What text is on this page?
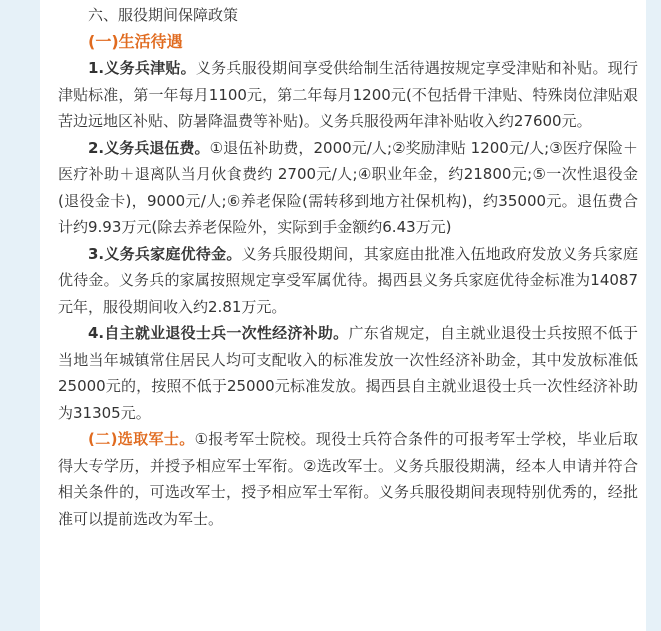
六、服役期间保障政策

(一)生活待遇

1.义务兵津贴。义务兵服役期间享受供给制生活待遇按规定享受津贴和补贴。现行津贴标准，第一年每月1100元，第二年每月1200元(不包括骨干津贴、特殊岗位津贴艰苦边远地区补贴、防暑降温费等补贴)。义务兵服役两年津补贴收入约27600元。

2.义务兵退伍费。①退伍补助费，2000元/人;②奖励津贴 1200元/人;③医疗保险＋医疗补助＋退离队当月伙食费约 2700元/人;④职业年金，约21800元;⑤一次性退役金(退役金卡)，9000元/人;⑥养老保险(需转移到地方社保机构)，约35000元。退伍费合计约9.93万元(除去养老保险外，实际到手金额约6.43万元)

3.义务兵家庭优待金。义务兵服役期间，其家庭由批准入伍地政府发放义务兵家庭优待金。义务兵的家属按照规定享受军属优待。揭西县义务兵家庭优待金标准为14087元年，服役期间收入约2.81万元。

4.自主就业退役士兵一次性经济补助。广东省规定，自主就业退役士兵按照不低于当地当年城镇常住居民人均可支配收入的标准发放一次性经济补助金，其中发放标准低25000元的，按照不低于25000元标准发放。揭西县自主就业退役士兵一次性经济补助为31305元。

(二)选取军士。①报考军士院校。现役士兵符合条件的可报考军士学校，毕业后取得大专学历，并授予相应军士军衔。②选改军士。义务兵服役期满，经本人申请并符合相关条件的，可选改军士，授予相应军士军衔。义务兵服役期间表现特别优秀的，经批准可以提前选改为军士。
